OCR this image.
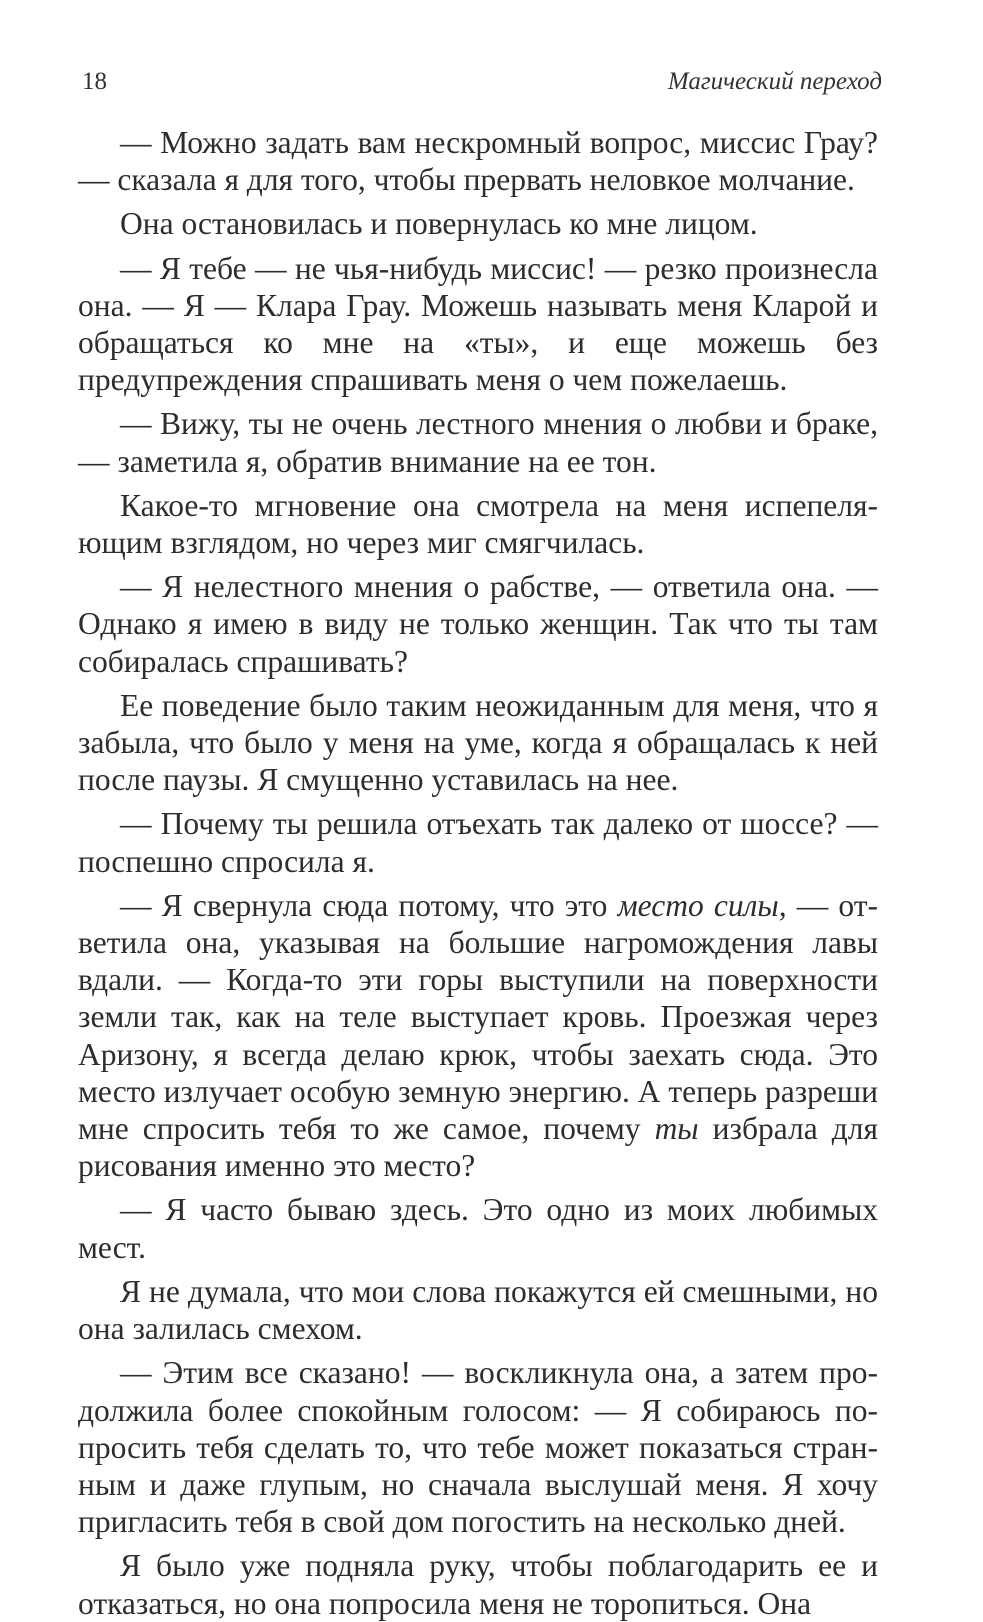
18	Магический переход

— Можно задать вам нескромный вопрос, миссис Грау? — сказала я для того, чтобы прервать неловкое молчание.

Она остановилась и повернулась ко мне лицом.

— Я тебе — не чья-нибудь миссис! — резко произнесла она. — Я — Клара Грау. Можешь называть меня Кларой и обращаться ко мне на «ты», и еще можешь без предупреждения спрашивать меня о чем пожелаешь.

— Вижу, ты не очень лестного мнения о любви и браке, — заметила я, обратив внимание на ее тон.

Какое-то мгновение она смотрела на меня испепеляющим взглядом, но через миг смягчилась.

— Я нелестного мнения о рабстве, — ответила она. — Однако я имею в виду не только женщин. Так что ты там собиралась спрашивать?

Ее поведение было таким неожиданным для меня, что я забыла, что было у меня на уме, когда я обращалась к ней после паузы. Я смущенно уставилась на нее.

— Почему ты решила отъехать так далеко от шоссе? — поспешно спросила я.

— Я свернула сюда потому, что это место силы, — ответила она, указывая на большие нагромождения лавы вдали. — Когда-то эти горы выступили на поверхности земли так, как на теле выступает кровь. Проезжая через Аризону, я всегда делаю крюк, чтобы заехать сюда. Это место излучает особую земную энергию. А теперь разреши мне спросить тебя то же самое, почему ты избрала для рисования именно это место?

— Я часто бываю здесь. Это одно из моих любимых мест.

Я не думала, что мои слова покажутся ей смешными, но она залилась смехом.

— Этим все сказано! — воскликнула она, а затем продолжила более спокойным голосом: — Я собираюсь попросить тебя сделать то, что тебе может показаться странным и даже глупым, но сначала выслушай меня. Я хочу пригласить тебя в свой дом погостить на несколько дней.

Я было уже подняла руку, чтобы поблагодарить ее и отказаться, но она попросила меня не торопиться. Она
